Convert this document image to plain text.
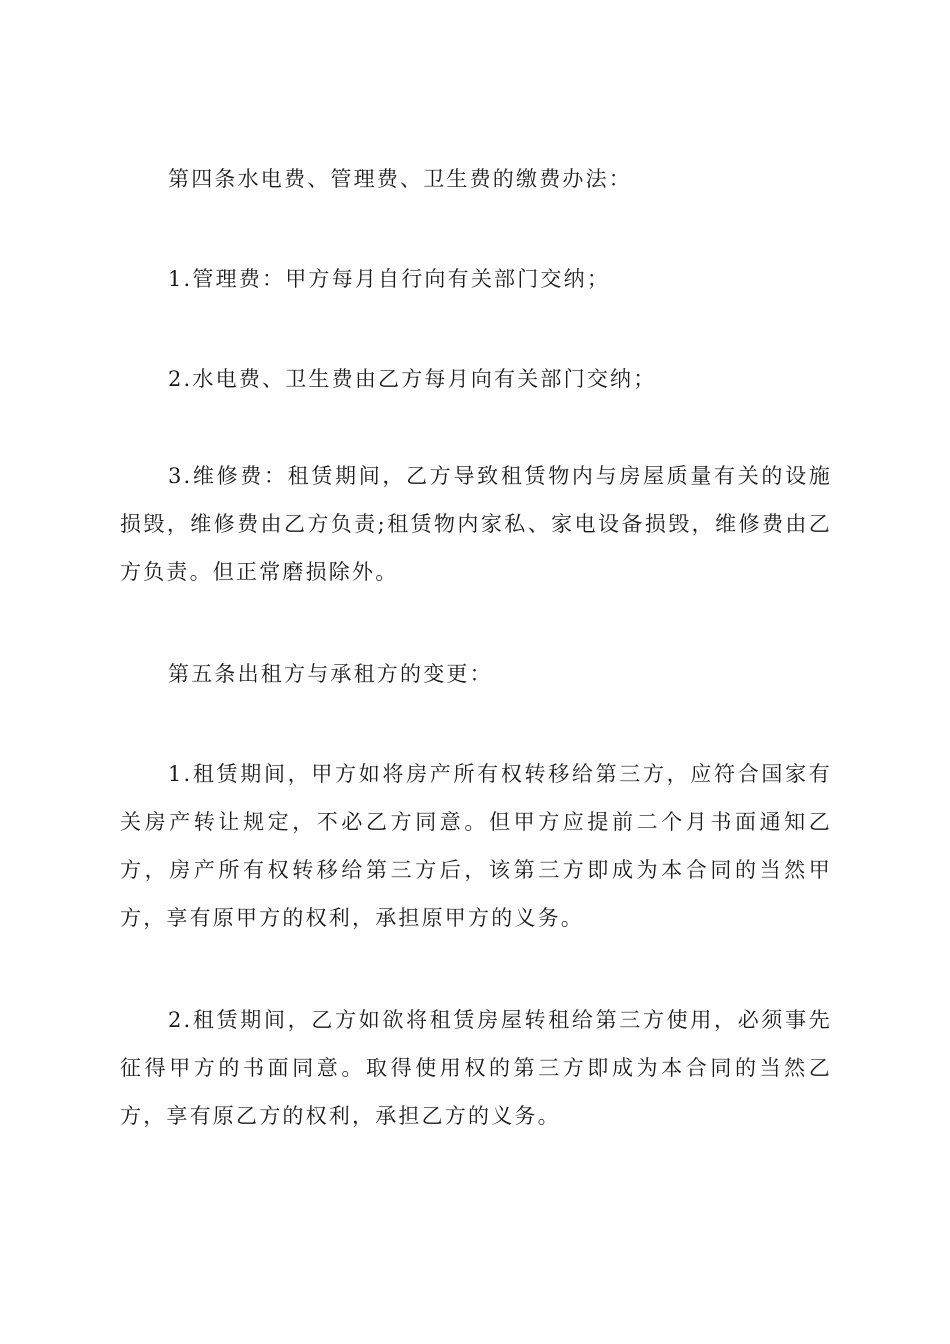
第四条水电费、管理费、卫生费的缴费办法：

1.管理费：甲方每月自行向有关部门交纳；

2.水电费、卫生费由乙方每月向有关部门交纳；

3.维修费：租赁期间，乙方导致租赁物内与房屋质量有关的设施损毁，维修费由乙方负责;租赁物内家私、家电设备损毁，维修费由乙方负责。但正常磨损除外。

第五条出租方与承租方的变更：

1.租赁期间，甲方如将房产所有权转移给第三方，应符合国家有关房产转让规定，不必乙方同意。但甲方应提前二个月书面通知乙方，房产所有权转移给第三方后，该第三方即成为本合同的当然甲方，享有原甲方的权利，承担原甲方的义务。

2.租赁期间，乙方如欲将租赁房屋转租给第三方使用，必须事先征得甲方的书面同意。取得使用权的第三方即成为本合同的当然乙方，享有原乙方的权利，承担乙方的义务。
